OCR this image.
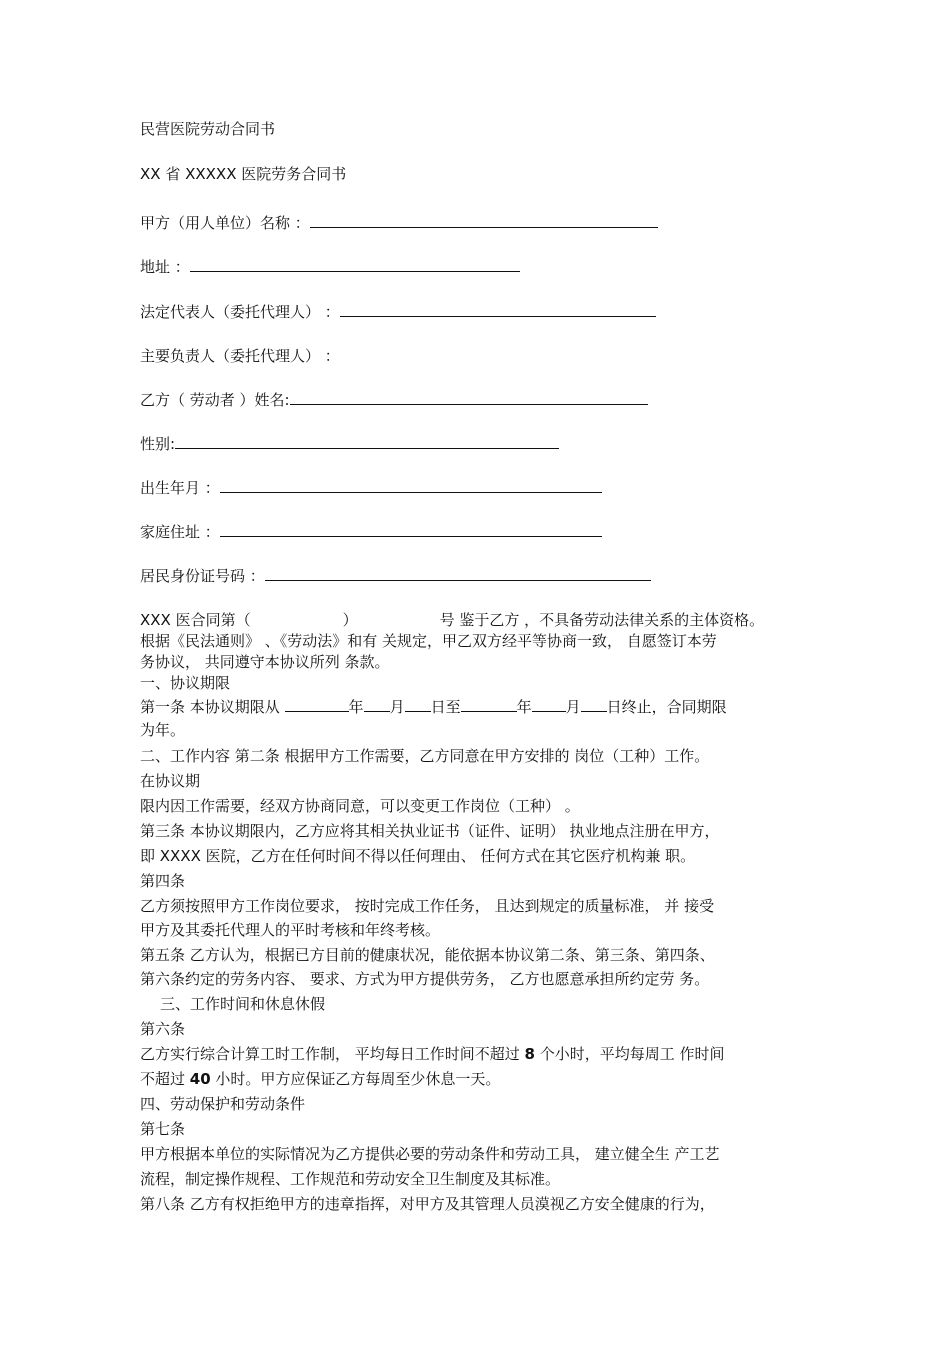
民营医院劳动合同书
XX 省 XXXXX 医院劳务合同书
甲方（用人单位）名称 ：
地址 ：
法定代表人（委托代理人） ：
主要负责人（委托代理人） ：
乙方（ 劳动者 ）姓名:
性别:
出生年月 ：
家庭住址 ：
居民身份证号码 ：
XXX 医合同第（	）	号 鉴于乙方 ，不具备劳动法律关系的主体资格。
根据《民法通则》 、《劳动法》和有 关规定，甲乙双方经平等协商一致， 自愿签订本劳
务协议， 共同遵守本协议所列 条款。
一、协议期限
第一条 本协议期限从	年 月 日至	年 月 日终止，合同期限
为年。
二、工作内容 第二条 根据甲方工作需要，乙方同意在甲方安排的 岗位（工种）工作。
在协议期
限内因工作需要，经双方协商同意，可以变更工作岗位（工种） 。
第三条 本协议期限内，乙方应将其相关执业证书（证件、证明） 执业地点注册在甲方，
即 XXXX 医院，乙方在任何时间不得以任何理由、 任何方式在其它医疗机构兼 职。
第四条
乙方须按照甲方工作岗位要求， 按时完成工作任务， 且达到规定的质量标准， 并 接受
甲方及其委托代理人的平时考核和年终考核。
第五条 乙方认为，根据已方目前的健康状况，能依据本协议第二条、第三条、第四条、
第六条约定的劳务内容、 要求、方式为甲方提供劳务， 乙方也愿意承担所约定劳 务。
三、工作时间和休息休假
第六条
乙方实行综合计算工时工作制， 平均每日工作时间不超过 8 个小时，平均每周工 作时间
不超过 40 小时。甲方应保证乙方每周至少休息一天。
四、劳动保护和劳动条件
第七条
甲方根据本单位的实际情况为乙方提供必要的劳动条件和劳动工具， 建立健全生 产工艺
流程，制定操作规程、工作规范和劳动安全卫生制度及其标准。
第八条 乙方有权拒绝甲方的违章指挥，对甲方及其管理人员漠视乙方安全健康的行为，
